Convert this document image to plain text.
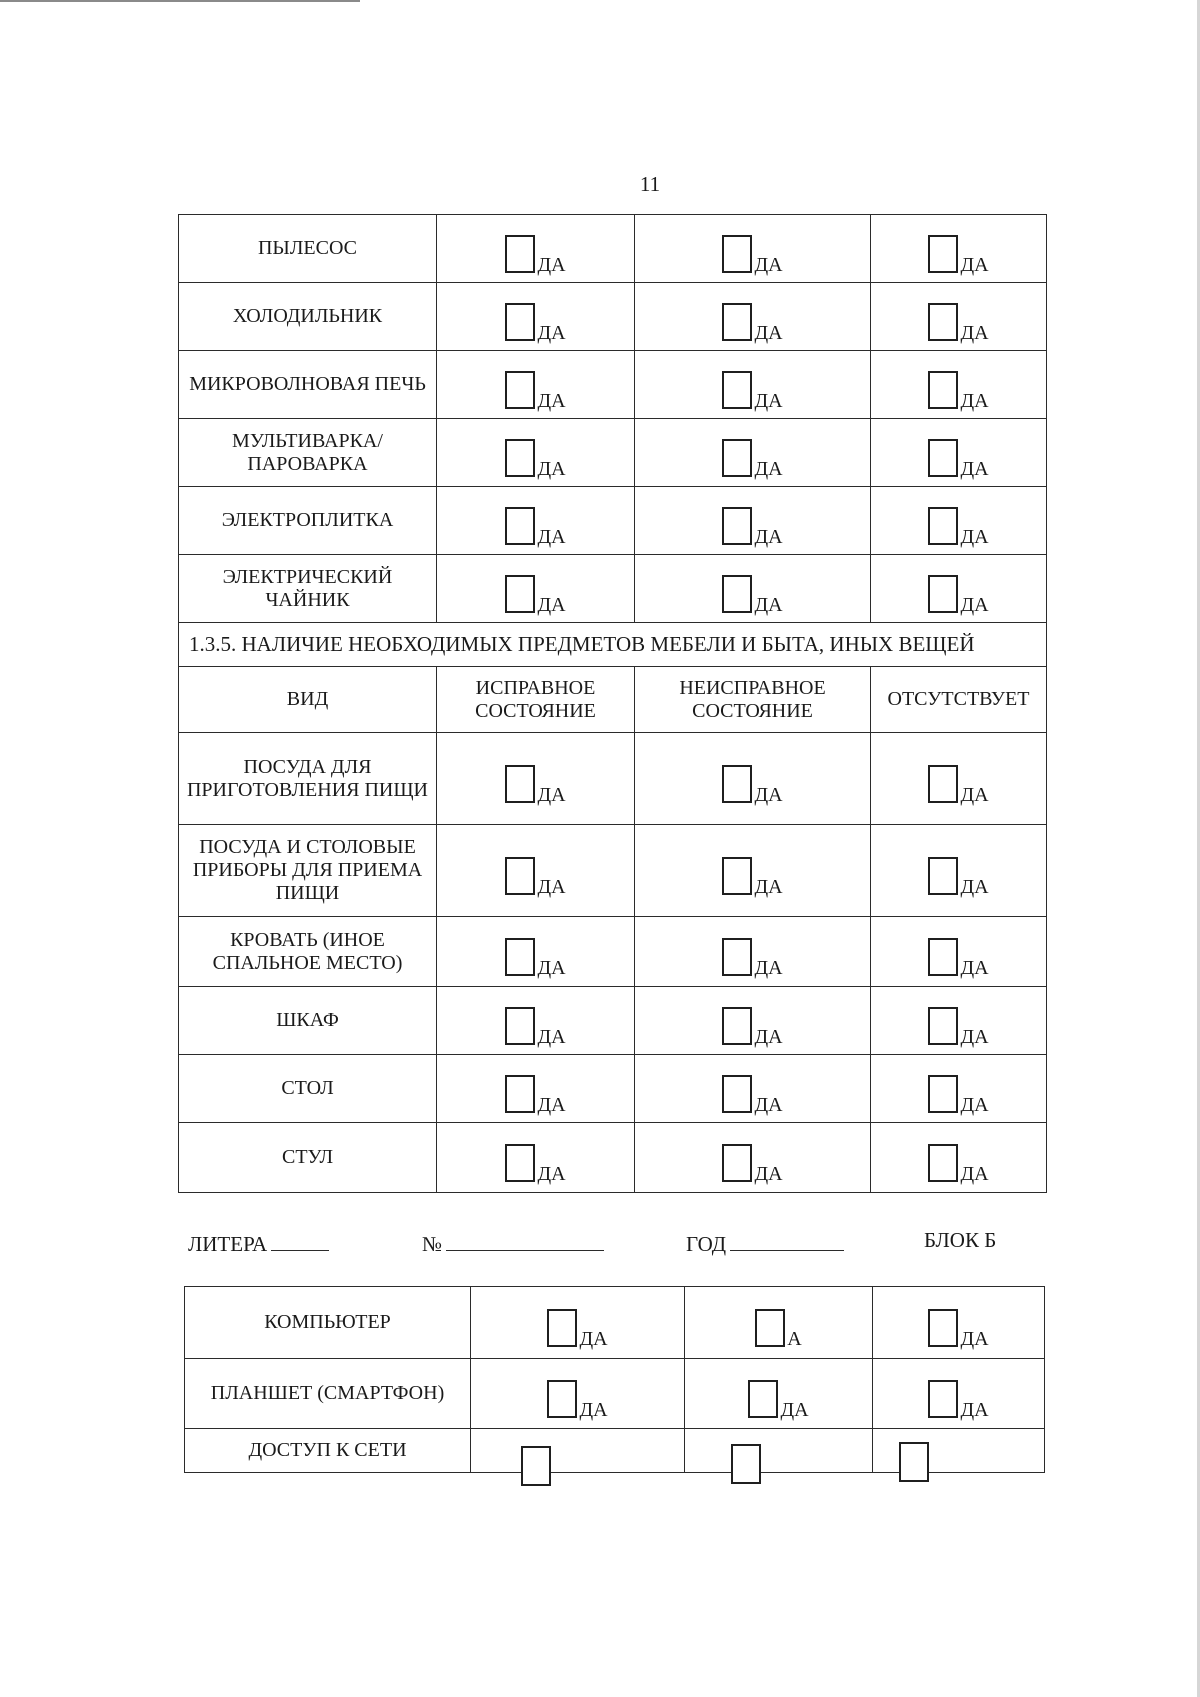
11
ПЫЛЕСОС	ДА	ДА	ДА

ХОЛОДИЛЬНИК	ДА	ДА	ДА

МИКРОВОЛНОВАЯ ПЕЧЬ	ДА	ДА	ДА

МУЛЬТИВАРКА/ ПАРОВАРКА	ДА	ДА	ДА

ЭЛЕКТРОПЛИТКА	ДА	ДА	ДА

ЭЛЕКТРИЧЕСКИЙ ЧАЙНИК	ДА	ДА	ДА

1.3.5. НАЛИЧИЕ НЕОБХОДИМЫХ ПРЕДМЕТОВ МЕБЕЛИ И БЫТА, ИНЫХ ВЕЩЕЙ			
ВИД	ИСПРАВНОЕ СОСТОЯНИЕ	НЕИСПРАВНОЕ СОСТОЯНИЕ	ОТСУТСТВУЕТ
ПОСУДА ДЛЯ ПРИГОТОВЛЕНИЯ ПИЩИ	ДА	ДА	ДА

ПОСУДА И СТОЛОВЫЕ ПРИБОРЫ ДЛЯ ПРИЕМА ПИЩИ	ДА	ДА	ДА

КРОВАТЬ (ИНОЕ СПАЛЬНОЕ МЕСТО)	ДА	ДА	ДА

ШКАФ	ДА	ДА	ДА

СТОЛ	ДА	ДА	ДА

СТУЛ	ДА	ДА	ДА
ЛИТЕРА	№	ГОД	БЛОК Б
КОМПЬЮТЕР	ДА	А	ДА

ПЛАНШЕТ (СМАРТФОН)	ДА	ДА	ДА

ДОСТУП К СЕТИ			
